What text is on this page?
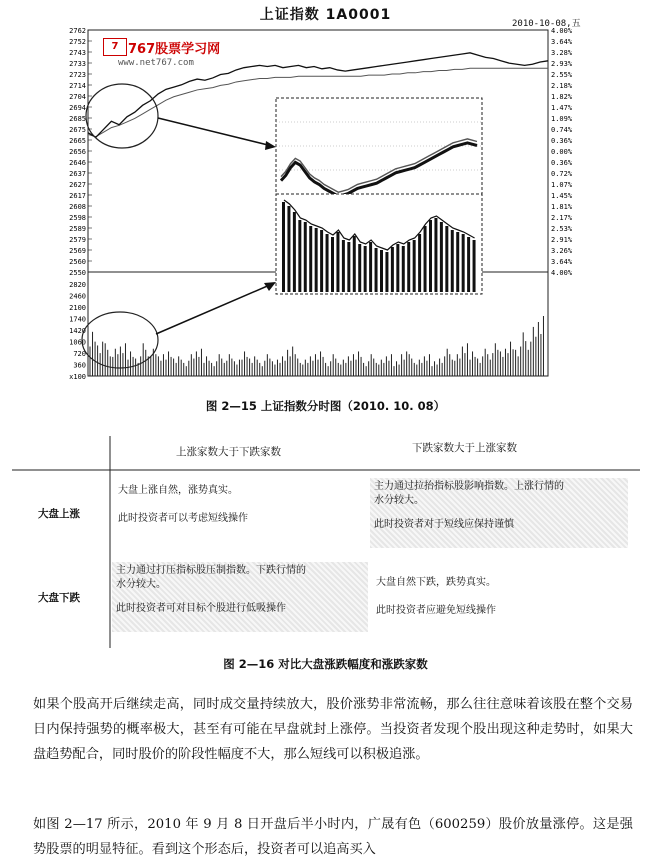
上证指数 1A0001
2010-10-08,五
2762
2752
2743
2733
2723
2714
2704
2694
2685
2675
2665
2656
2646
2637
2627
2617
2608
2598
2589
2579
2569
2560
2550
4.00%
3.64%
3.28%
2.93%
2.55%
2.18%
1.82%
1.47%
1.09%
0.74%
0.36%
0.00%
0.36%
0.72%
1.07%
1.45%
1.81%
2.17%
2.53%
2.91%
3.26%
3.64%
4.00%
2820
2460
2100
1740
1420
1060
720
360
x100
7 767股票学习网
www.net767.com
图 2—15 上证指数分时图（2010. 10. 08）
上涨家数大于下跌家数	下跌家数大于上涨家数
大盘上涨
大盘下跌
大盘上涨自然，涨势真实。
此时投资者可以考虑短线操作
主力通过拉抬指标股影响指数。上涨行情的
水分较大。
此时投资者对于短线应保持谨慎
主力通过打压指标股压制指数。下跌行情的
水分较大。
此时投资者可对目标个股进行低吸操作
大盘自然下跌，跌势真实。
此时投资者应避免短线操作
图 2—16 对比大盘涨跌幅度和涨跌家数
如果个股高开后继续走高，同时成交量持续放大，股价涨势非常流畅，那么往往意味着该股在整个交易日内保持强势的概率极大，甚至有可能在早盘就封上涨停。当投资者发现个股出现这种走势时，如果大盘趋势配合，同时股价的阶段性幅度不大，那么短线可以积极追涨。
如图 2—17 所示，2010 年 9 月 8 日开盘后半小时内，广晟有色（600259）股价放量涨停。这是强势股票的明显特征。看到这个形态后，投资者可以追高买入
